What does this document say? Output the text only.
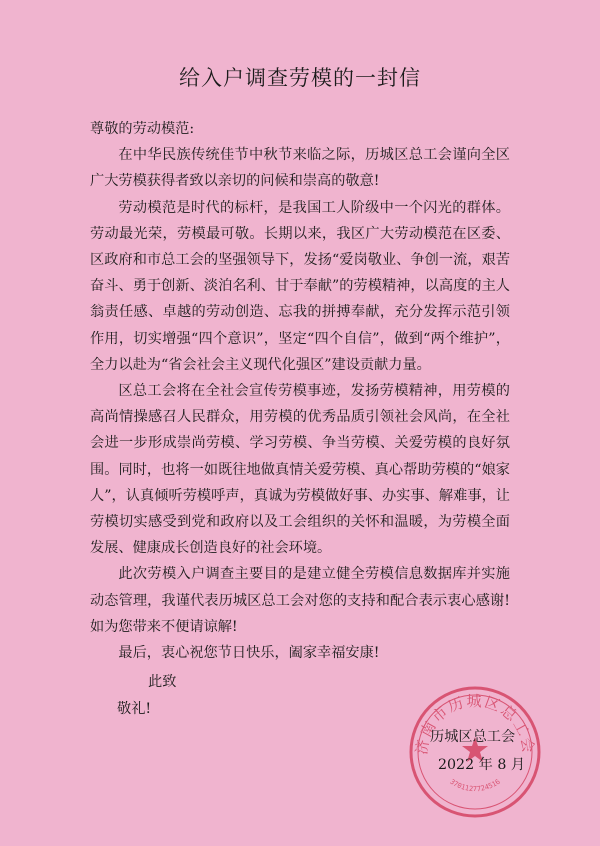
给入户调查劳模的一封信

尊敬的劳动模范:

在中华民族传统佳节中秋节来临之际，历城区总工会谨向全区广大劳模获得者致以亲切的问候和崇高的敬意!

劳动模范是时代的标杆，是我国工人阶级中一个闪光的群体。劳动最光荣，劳模最可敬。长期以来，我区广大劳动模范在区委、区政府和市总工会的坚强领导下，发扬“爱岗敬业、争创一流，艰苦奋斗、勇于创新、淡泊名利、甘于奉献”的劳模精神，以高度的主人翁责任感、卓越的劳动创造、忘我的拼搏奉献，充分发挥示范引领作用，切实增强“四个意识”，坚定“四个自信”，做到“两个维护”，全力以赴为“省会社会主义现代化强区”建设贡献力量。

区总工会将在全社会宣传劳模事迹，发扬劳模精神，用劳模的高尚情操感召人民群众，用劳模的优秀品质引领社会风尚，在全社会进一步形成崇尚劳模、学习劳模、争当劳模、关爱劳模的良好氛围。同时，也将一如既往地做真情关爱劳模、真心帮助劳模的“娘家人”，认真倾听劳模呼声，真诚为劳模做好事、办实事、解难事，让劳模切实感受到党和政府以及工会组织的关怀和温暖，为劳模全面发展、健康成长创造良好的社会环境。

此次劳模入户调查主要目的是建立健全劳模信息数据库并实施动态管理，我谨代表历城区总工会对您的支持和配合表示衷心感谢!如为您带来不便请谅解!

最后，衷心祝您节日快乐，阖家幸福安康!

此致
敬礼!
济南市历城区总工会
3701127724516
历城区总工会
2022 年 8 月
